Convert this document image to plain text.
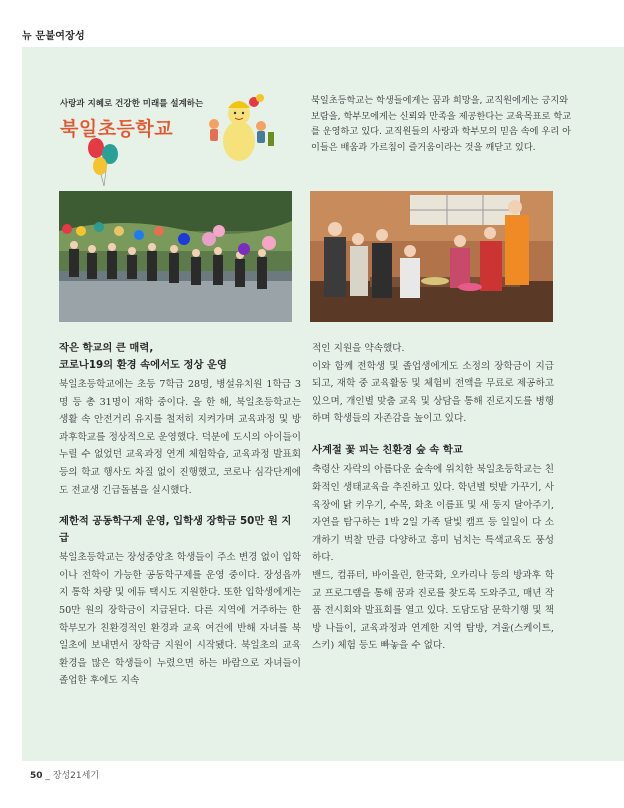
뉴 문불여장성
사랑과 지혜로 건강한 미래를 설계하는
북일초등학교

북일초등학교는 학생들에게는 꿈과 희망을, 교직원에게는 긍지와 보람을, 학부모에게는 신뢰와 만족을 제공한다는 교육목표로 학교를 운영하고 있다. 교직원들의 사랑과 학부모의 믿음 속에 우리 아이들은 배움과 가르침이 즐거움이라는 것을 깨닫고 있다.

작은 학교의 큰 매력,
코로나19의 환경 속에서도 정상 운영

북일초등학교에는 초등 7학급 28명, 병설유치원 1학급 3명 등 총 31명이 재학 중이다. 올 한 해, 북일초등학교는 생활 속 안전거리 유지를 철저히 지켜가며 교육과정 및 방과후학교를 정상적으로 운영했다. 덕분에 도시의 아이들이 누릴 수 없었던 교육과정 연계 체험학습, 교육과정 발표회 등의 학교 행사도 차질 없이 진행했고, 코로나 심각단계에도 전교생 긴급돌봄을 실시했다.

제한적 공동학구제 운영, 입학생 장학금 50만 원 지급

북일초등학교는 장성중앙초 학생들이 주소 변경 없이 입학이나 전학이 가능한 공동학구제를 운영 중이다. 장성읍까지 통학 차량 및 에듀 택시도 지원한다. 또한 입학생에게는 50만 원의 장학금이 지급된다. 다른 지역에 거주하는 한 학부모가 친환경적인 환경과 교육 여건에 반해 자녀를 북일초에 보내면서 장학금 지원이 시작됐다. 북일초의 교육환경을 많은 학생들이 누렸으면 하는 바람으로 자녀들이 졸업한 후에도 지속

적인 지원을 약속했다.

이와 함께 전학생 및 졸업생에게도 소정의 장학금이 지급되고, 재학 중 교육활동 및 체험비 전액을 무료로 제공하고 있으며, 개인별 맞춤 교육 및 상담을 통해 진로지도를 병행하며 학생들의 자존감을 높이고 있다.

사계절 꽃 피는 친환경 숲 속 학교

축령산 자락의 아름다운 숲속에 위치한 북일초등학교는 친화적인 생태교육을 추진하고 있다. 학년별 텃밭 가꾸기, 사육장에 닭 키우기, 수목, 화초 이름표 및 새 둥지 달아주기, 자연을 탐구하는 1박 2일 가족 달빛 캠프 등 일일이 다 소개하기 벅찰 만큼 다양하고 흥미 넘치는 특색교육도 풍성하다.

밴드, 컴퓨터, 바이올린, 한국화, 오카리나 등의 방과후 학교 프로그램을 통해 꿈과 진로를 찾도록 도와주고, 매년 작품 전시회와 발표회를 열고 있다. 도담도담 문학기행 및 책방 나들이, 교육과정과 연계한 지역 탐방, 겨울(스케이트, 스키) 체험 등도 빠놓을 수 없다.

50 _ 장성21세기
